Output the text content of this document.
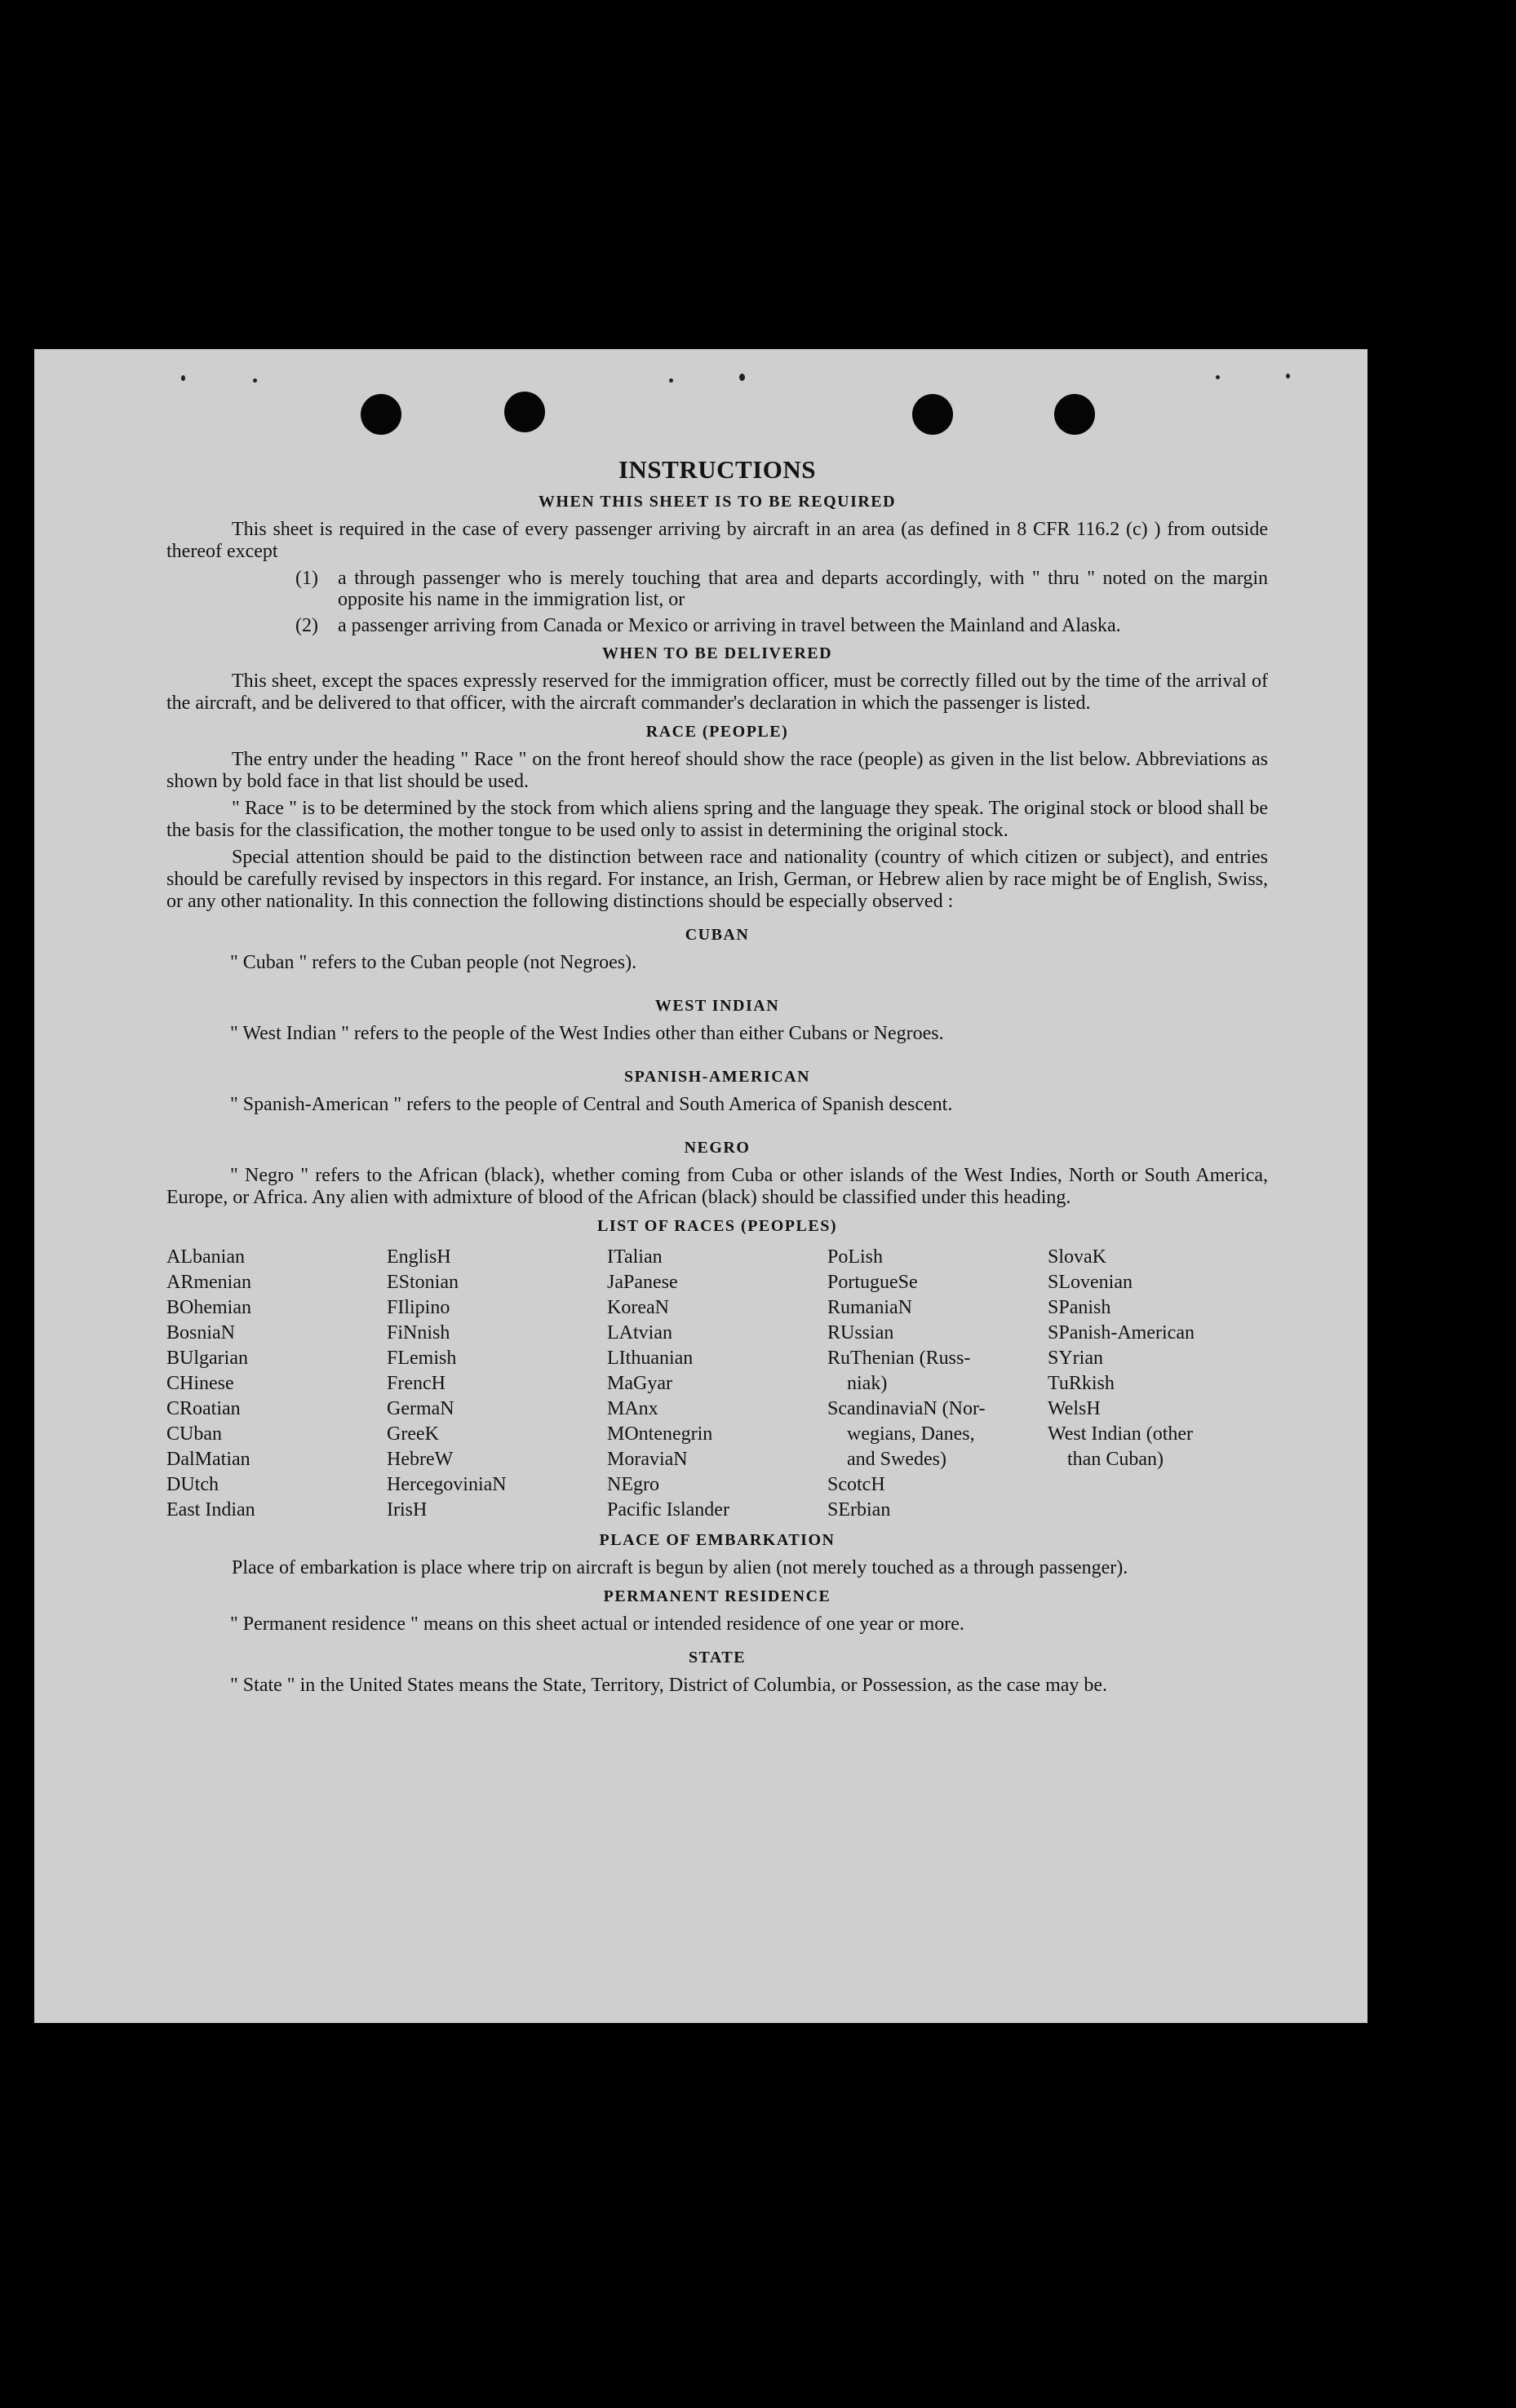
INSTRUCTIONS
WHEN THIS SHEET IS TO BE REQUIRED

This sheet is required in the case of every passenger arriving by aircraft in an area (as defined in 8 CFR 116.2 (c) ) from outside thereof except

(1)	a through passenger who is merely touching that area and departs accordingly, with " thru " noted on the margin opposite his name in the immigration list, or
(2)	a passenger arriving from Canada or Mexico or arriving in travel between the Mainland and Alaska.
WHEN TO BE DELIVERED

This sheet, except the spaces expressly reserved for the immigration officer, must be correctly filled out by the time of the arrival of the aircraft, and be delivered to that officer, with the aircraft commander's declaration in which the passenger is listed.

RACE (PEOPLE)

The entry under the heading " Race " on the front hereof should show the race (people) as given in the list below. Abbreviations as shown by bold face in that list should be used.

" Race " is to be determined by the stock from which aliens spring and the language they speak. The original stock or blood shall be the basis for the classification, the mother tongue to be used only to assist in determining the original stock.

Special attention should be paid to the distinction between race and nationality (country of which citizen or subject), and entries should be carefully revised by inspectors in this regard. For instance, an Irish, German, or Hebrew alien by race might be of English, Swiss, or any other nationality. In this connection the following distinctions should be especially observed :

CUBAN

" Cuban " refers to the Cuban people (not Negroes).

WEST INDIAN

" West Indian " refers to the people of the West Indies other than either Cubans or Negroes.

SPANISH-AMERICAN

" Spanish-American " refers to the people of Central and South America of Spanish descent.

NEGRO

" Negro " refers to the African (black), whether coming from Cuba or other islands of the West Indies, North or South America, Europe, or Africa. Any alien with admixture of blood of the African (black) should be classified under this heading.

LIST OF RACES (PEOPLES)
ALbanian
ARmenian
BOhemian
BosniaN
BUlgarian
CHinese
CRoatian
CUban
DalMatian
DUtch
East Indian
EnglisH
EStonian
FIlipino
FiNnish
FLemish
FrencH
GermaN
GreeK
HebreW
HercegoviniaN
IrisH
ITalian
JaPanese
KoreaN
LAtvian
LIthuanian
MaGyar
MAnx
MOntenegrin
MoraviaN
NEgro
Pacific Islander
PoLish
PortugueSe
RumaniaN
RUssian
RuThenian (Russ-
niak)
ScandinaviaN (Nor-
wegians, Danes,
and Swedes)
ScotcH
SErbian
SlovaK
SLovenian
SPanish
SPanish-American
SYrian
TuRkish
WelsH
West Indian (other
than Cuban)
PLACE OF EMBARKATION

Place of embarkation is place where trip on aircraft is begun by alien (not merely touched as a through passenger).

PERMANENT RESIDENCE

" Permanent residence " means on this sheet actual or intended residence of one year or more.

STATE

" State " in the United States means the State, Territory, District of Columbia, or Possession, as the case may be.
